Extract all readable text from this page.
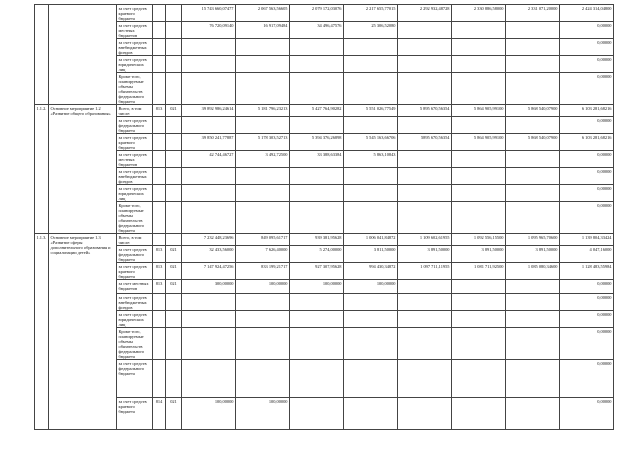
		за счет средств краевого бюджета			15 743 660,07477	2 067 563,56605	2 079 172,03076	2 217 655,77015	2 292 932,48728	2 330 886,58000	2 331 071,20000	2 424 314,04800
		за счет средств местных бюджетов			76 720,09140	16 917,09484	34 496,47576	25 306,52080				0,00000
		за счет средств внебюджетных фондов										0,00000
		за счет средств юридических лиц										0,00000
		Кроме того, планируемые объемы обязательств федерального бюджета										0,00000
1.1.2.	Основное мероприятие 1.2 «Развитие общего образования»	Всего, в том числе:	813	021	39 892 986,24614	5 181 796,23213	5 427 764,90282	5 551 026,77549	5 895 670,56354	5 864 905,99100	5 868 540,07900	6 103 281,68216
		за счет средств федерального бюджета										0,00000
		за счет средств краевого бюджета			39 850 241,77887	5 178 303,52713	5 394 376,26898	5 545 163,66706	5895 670,56354	5 864 905,99100	5 868 540,07900	6 103 281,68216
		за счет средств местных бюджетов			42 744,46727	3 492,72500	33 388,63384	5 863,10843				0,00000
		за счет средств внебюджетных фондов										0,00000
		за счет средств юридических лиц										0,00000
		Кроме того, планируемые объемы обязательств федерального бюджета										0,00000
1.1.3.	Основное мероприятие 1.3 «Развитие сферы дополнительного образования и социализации детей»	Всего, в том числе:			7 232 448,23696	849 095,61717	939 381,95628	1 006 041,84872	1 109 602,61955	1 092 556,15500	1 095 965,70600	1 139 804,33424
		за счет средств федерального бюджета	813	021	32 433,56000	7 626,40000	5 274,00000	3 811,50000	3 891,50000	3 891,50000	3 891,50000	4 047,16000
		за счет средств краевого бюджета	813	021	7 147 924,47256	833 199,21717	927 307,95628	994 430,34872	1 097 711,11955	1 081 711,92500	1 085 080,34600	1 128 483,55984
		за счет местных бюджетов	813	021	300,00000	100,00000	100,00000	100,00000				0,00000
		за счет средств внебюджетных фондов										0,00000
		за счет средств юридических лиц										0,00000
		Кроме того, планируемые объемы обязательств федерального бюджета										0,00000
		за счет средств федерального бюджета										0,00000
		за счет средств краевого бюджета	814	021	100,00000	100,00000						0,00000
